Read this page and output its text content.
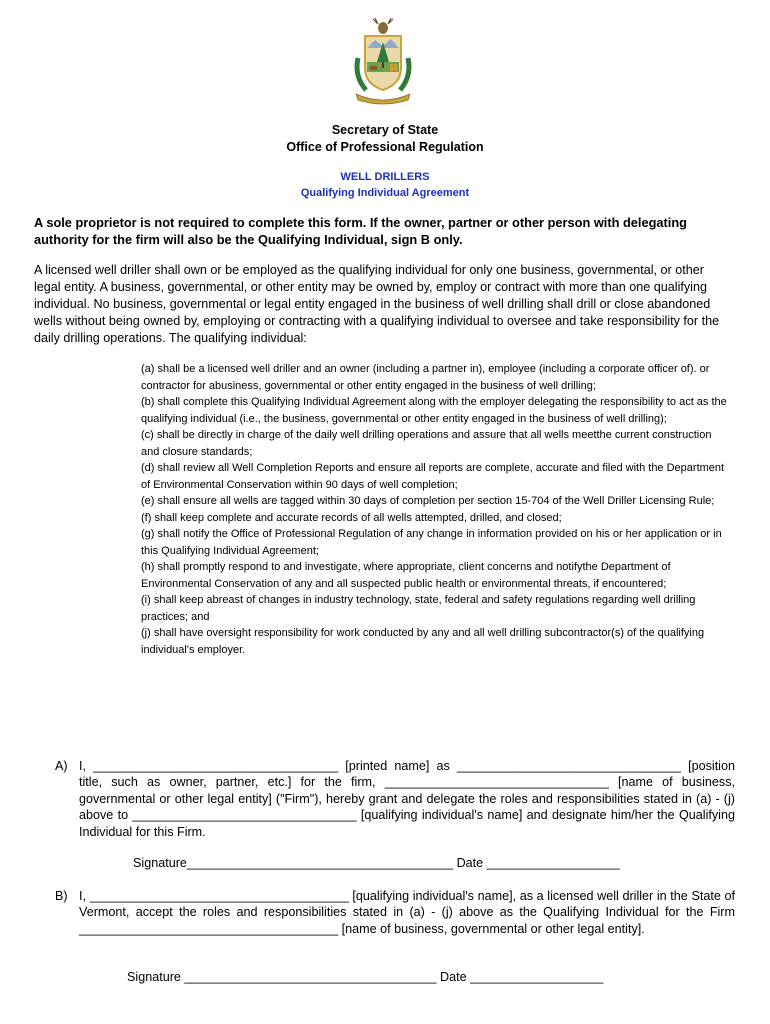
Secretary of State
Office of Professional Regulation
WELL DRILLERS
Qualifying Individual Agreement
A sole proprietor is not required to complete this form. If the owner, partner or other person with delegating authority for the firm will also be the Qualifying Individual, sign B only.
A licensed well driller shall own or be employed as the qualifying individual for only one business, governmental, or other legal entity. A business, governmental, or other entity may be owned by, employ or contract with more than one qualifying individual. No business, governmental or legal entity engaged in the business of well drilling shall drill or close abandoned wells without being owned by, employing or contracting with a qualifying individual to oversee and take responsibility for the daily drilling operations. The qualifying individual:
(a) shall be a licensed well driller and an owner (including a partner in), employee (including a corporate officer of). or contractor for abusiness, governmental or other entity engaged in the business of well drilling;
(b) shall complete this Qualifying Individual Agreement along with the employer delegating the responsibility to act as the qualifying individual (i.e., the business, governmental or other entity engaged in the business of well drilling);
(c) shall be directly in charge of the daily well drilling operations and assure that all wells meetthe current construction and closure standards;
(d) shall review all Well Completion Reports and ensure all reports are complete, accurate and filed with the Department of Environmental Conservation within 90 days of well completion;
(e) shall ensure all wells are tagged within 30 days of completion per section 15-704 of the Well Driller Licensing Rule;
(f) shall keep complete and accurate records of all wells attempted, drilled, and closed;
(g) shall notify the Office of Professional Regulation of any change in information provided on his or her application or in this Qualifying Individual Agreement;
(h) shall promptly respond to and investigate, where appropriate, client concerns and notifythe Department of Environmental Conservation of any and all suspected public health or environmental threats, if encountered;
(i) shall keep abreast of changes in industry technology, state, federal and safety regulations regarding well drilling practices; and
(j) shall have oversight responsibility for work conducted by any and all well drilling subcontractor(s) of the qualifying individual's employer.
A) I, ___________________________________ [printed name] as ________________________________ [position title, such as owner, partner, etc.] for the firm, ________________________________ [name of business, governmental or other legal entity] ("Firm"), hereby grant and delegate the roles and responsibilities stated in (a) - (j) above to ________________________________ [qualifying individual's name] and designate him/her the Qualifying Individual for this Firm.
Signature______________________________________ Date ___________________
B) I, _____________________________________ [qualifying individual's name], as a licensed well driller in the State of Vermont, accept the roles and responsibilities stated in (a) - (j) above as the Qualifying Individual for the Firm _____________________________________ [name of business, governmental or other legal entity].
Signature ____________________________________ Date ___________________
